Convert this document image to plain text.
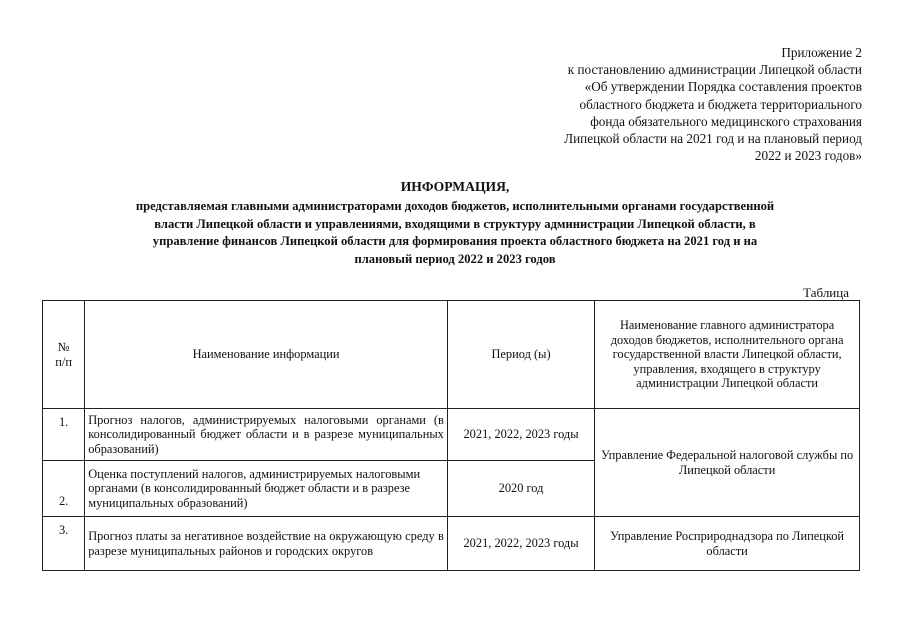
Приложение 2
к постановлению администрации Липецкой области
«Об утверждении Порядка составления проектов
областного бюджета и бюджета территориального
фонда обязательного медицинского страхования
Липецкой области на 2021 год и на плановый период
2022 и 2023 годов»
ИНФОРМАЦИЯ,
представляемая главными администраторами доходов бюджетов, исполнительными органами государственной
власти Липецкой области и управлениями, входящими в структуру администрации Липецкой области, в
управление финансов Липецкой области для формирования проекта областного бюджета на 2021 год и на
плановый период 2022 и 2023 годов
Таблица
№
п/п	Наименование информации	Период (ы)	Наименование главного администратора доходов бюджетов, исполнительного органа государственной власти Липецкой области, управления, входящего в структуру администрации Липецкой области
1.	Прогноз налогов, администрируемых налоговыми органами (в консолидированный бюджет области и в разрезе муниципальных образований)	2021, 2022, 2023 годы	Управление Федеральной налоговой службы по Липецкой области
2.	Оценка поступлений налогов, администрируемых налоговыми органами (в консолидированный бюджет области и в разрезе муниципальных образований)	2020 год	
3.	Прогноз платы за негативное воздействие на окружающую среду в разрезе муниципальных районов и городских округов	2021, 2022, 2023 годы	Управление Росприроднадзора по Липецкой области
